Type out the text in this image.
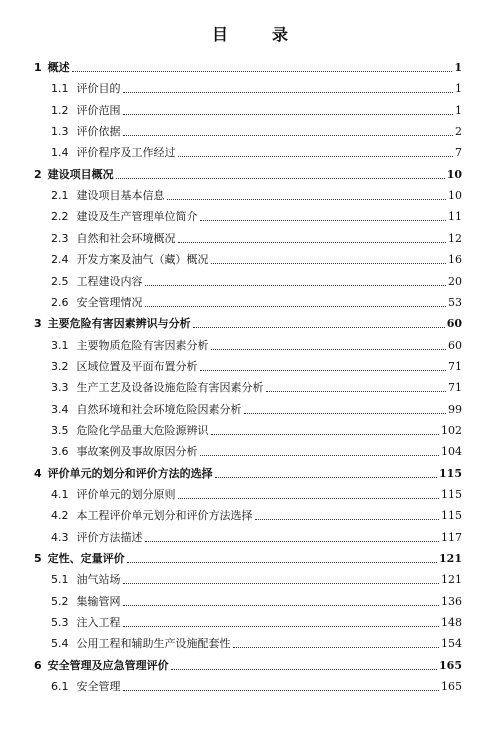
目　录
1 概述	1
1.1 评价目的	1
1.2 评价范围	1
1.3 评价依据	2
1.4 评价程序及工作经过	7
2 建设项目概况	10
2.1 建设项目基本信息	10
2.2 建设及生产管理单位简介	11
2.3 自然和社会环境概况	12
2.4 开发方案及油气（藏）概况	16
2.5 工程建设内容	20
2.6 安全管理情况	53
3 主要危险有害因素辨识与分析	60
3.1 主要物质危险有害因素分析	60
3.2 区域位置及平面布置分析	71
3.3 生产工艺及设备设施危险有害因素分析	71
3.4 自然环境和社会环境危险因素分析	99
3.5 危险化学品重大危险源辨识	102
3.6 事故案例及事故原因分析	104
4 评价单元的划分和评价方法的选择	115
4.1 评价单元的划分原则	115
4.2 本工程评价单元划分和评价方法选择	115
4.3 评价方法描述	117
5 定性、定量评价	121
5.1 油气站场	121
5.2 集输管网	136
5.3 注入工程	148
5.4 公用工程和辅助生产设施配套性	154
6 安全管理及应急管理评价	165
6.1 安全管理	165
